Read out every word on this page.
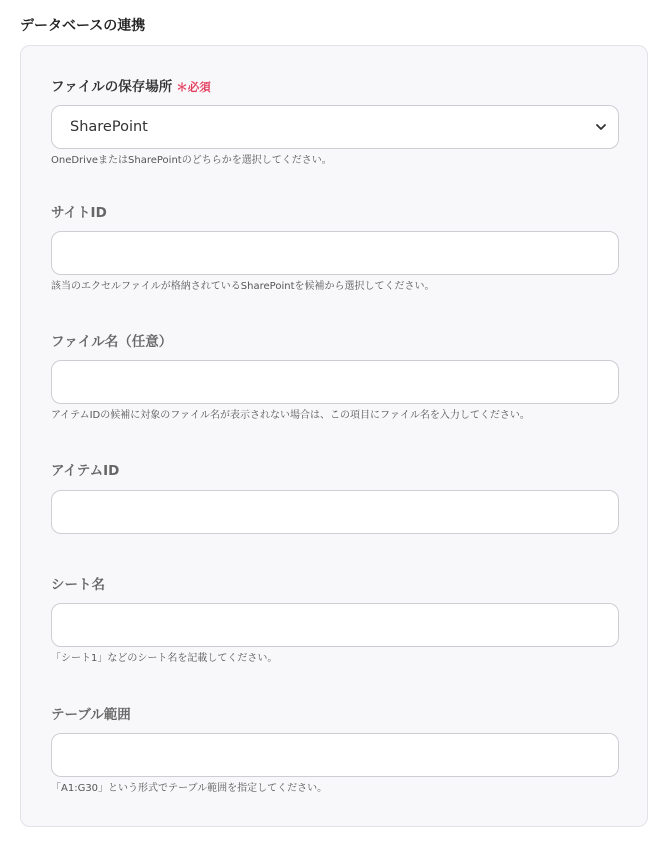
データベースの連携
ファイルの保存場所 ＊必須
SharePoint
OneDriveまたはSharePointのどちらかを選択してください。
サイトID
該当のエクセルファイルが格納されているSharePointを候補から選択してください。
ファイル名（任意）
アイテムIDの候補に対象のファイル名が表示されない場合は、この項目にファイル名を入力してください。
アイテムID
シート名
「シート1」などのシート名を記載してください。
テーブル範囲
「A1:G30」という形式でテーブル範囲を指定してください。
